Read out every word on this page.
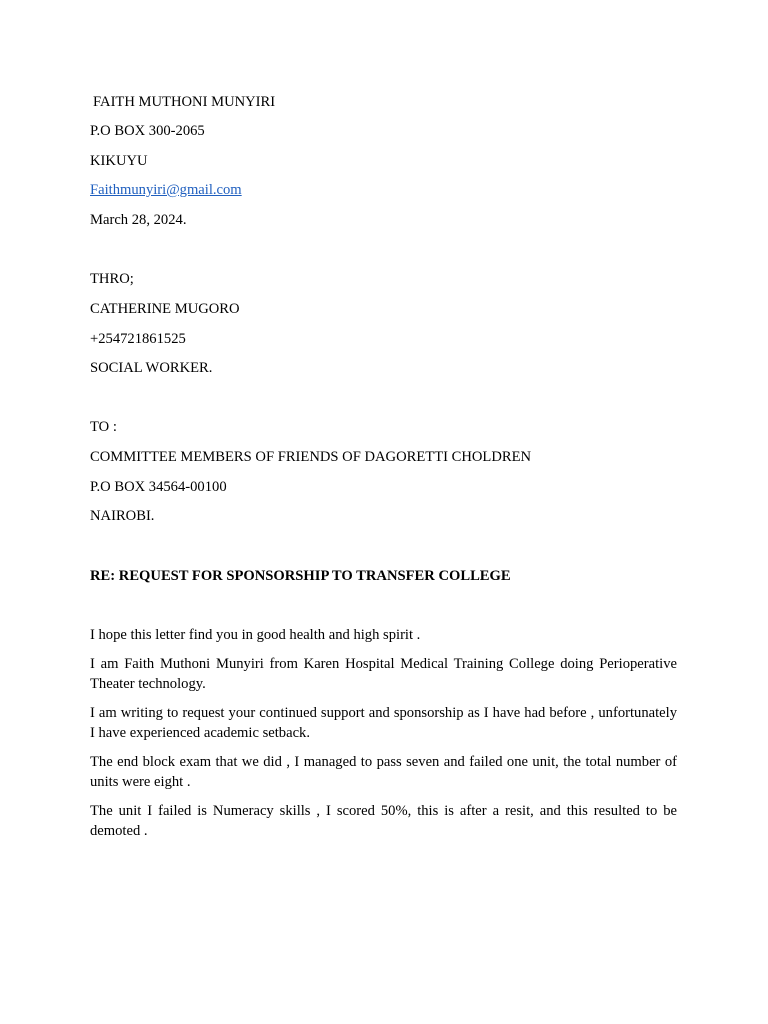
FAITH MUTHONI MUNYIRI
P.O BOX 300-2065
KIKUYU
Faithmunyiri@gmail.com
March 28, 2024.
THRO;
CATHERINE MUGORO
+254721861525
SOCIAL WORKER.
TO :
COMMITTEE MEMBERS OF FRIENDS OF DAGORETTI CHOLDREN
P.O BOX 34564-00100
NAIROBI.
RE: REQUEST FOR SPONSORSHIP TO TRANSFER COLLEGE
I hope this letter find you in good health and high spirit .
I am Faith Muthoni Munyiri from Karen Hospital Medical Training College doing Perioperative Theater technology.
I am writing to request your continued support and sponsorship as I have had before , unfortunately I have experienced academic setback.
The end block exam that we did , I managed to pass seven and failed one unit, the total number of units were eight .
The unit I failed is Numeracy skills , I scored 50%, this is after a resit, and this resulted to be demoted .
